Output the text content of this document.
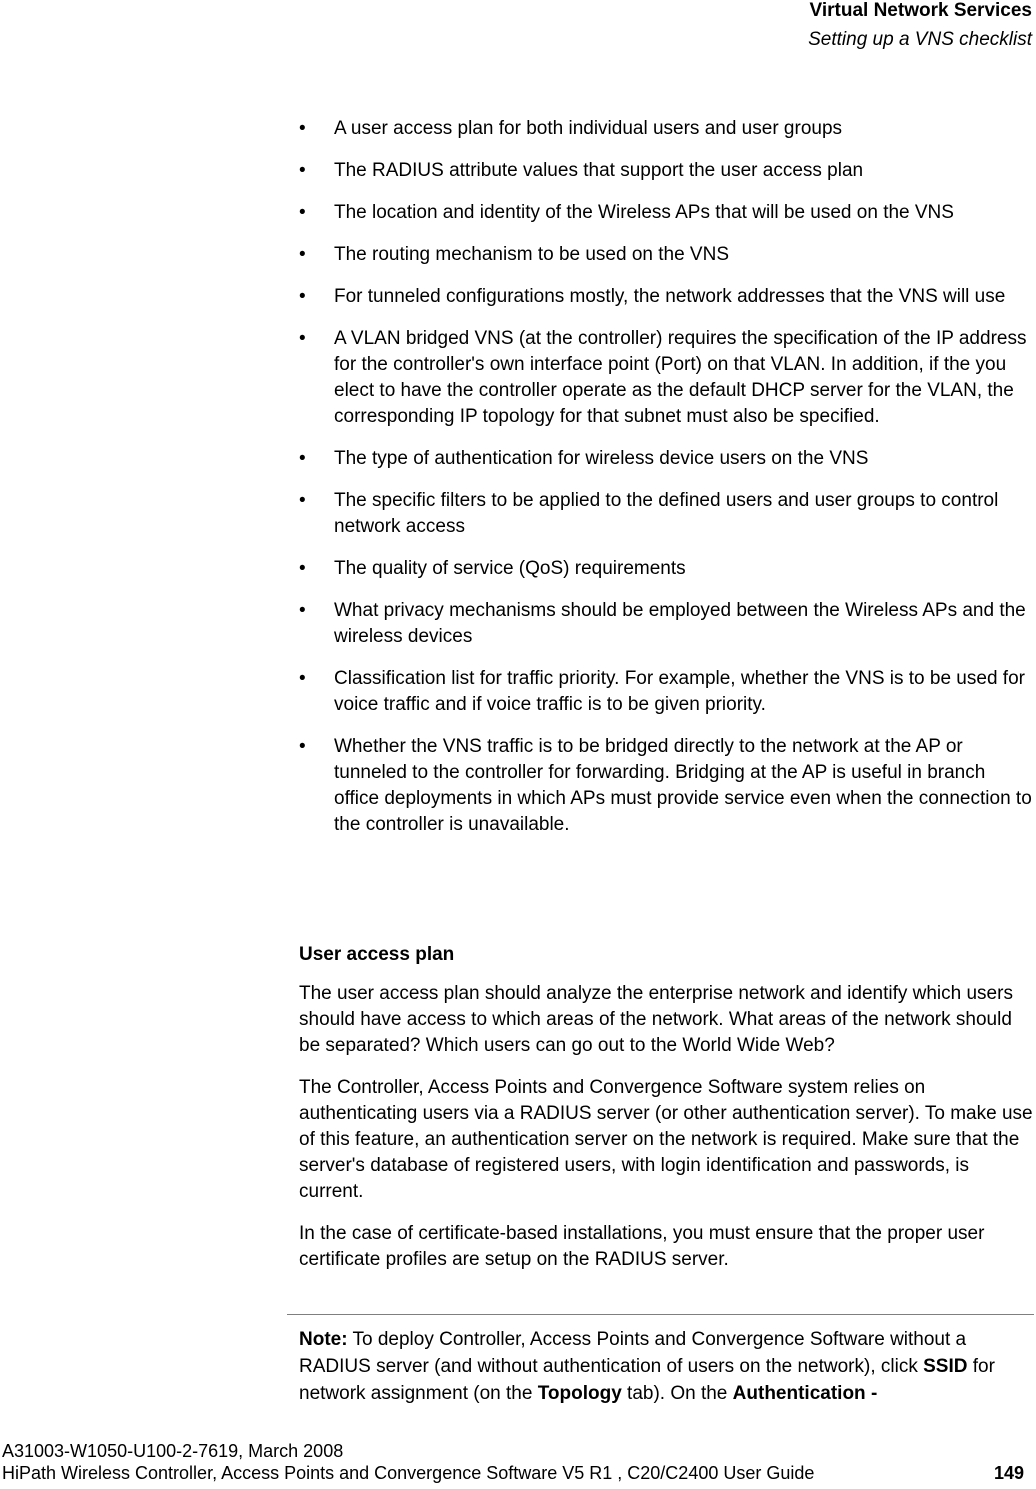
Virtual Network Services
Setting up a VNS checklist
• A user access plan for both individual users and user groups
• The RADIUS attribute values that support the user access plan
• The location and identity of the Wireless APs that will be used on the VNS
• The routing mechanism to be used on the VNS
• For tunneled configurations mostly, the network addresses that the VNS will use
• A VLAN bridged VNS (at the controller) requires the specification of the IP address for the controller's own interface point (Port) on that VLAN. In addition, if the you elect to have the controller operate as the default DHCP server for the VLAN, the corresponding IP topology for that subnet must also be specified.
• The type of authentication for wireless device users on the VNS
• The specific filters to be applied to the defined users and user groups to control network access
• The quality of service (QoS) requirements
• What privacy mechanisms should be employed between the Wireless APs and the wireless devices
• Classification list for traffic priority. For example, whether the VNS is to be used for voice traffic and if voice traffic is to be given priority.
• Whether the VNS traffic is to be bridged directly to the network at the AP or tunneled to the controller for forwarding. Bridging at the AP is useful in branch office deployments in which APs must provide service even when the connection to the controller is unavailable.
User access plan

The user access plan should analyze the enterprise network and identify which users should have access to which areas of the network. What areas of the network should be separated? Which users can go out to the World Wide Web?

The Controller, Access Points and Convergence Software system relies on authenticating users via a RADIUS server (or other authentication server). To make use of this feature, an authentication server on the network is required. Make sure that the server's database of registered users, with login identification and passwords, is current.

In the case of certificate-based installations, you must ensure that the proper user certificate profiles are setup on the RADIUS server.

Note: To deploy Controller, Access Points and Convergence Software without a RADIUS server (and without authentication of users on the network), click SSID for network assignment (on the Topology tab). On the Authentication -
A31003-W1050-U100-2-7619, March 2008
HiPath Wireless Controller, Access Points and Convergence Software V5 R1 , C20/C2400 User Guide	149
